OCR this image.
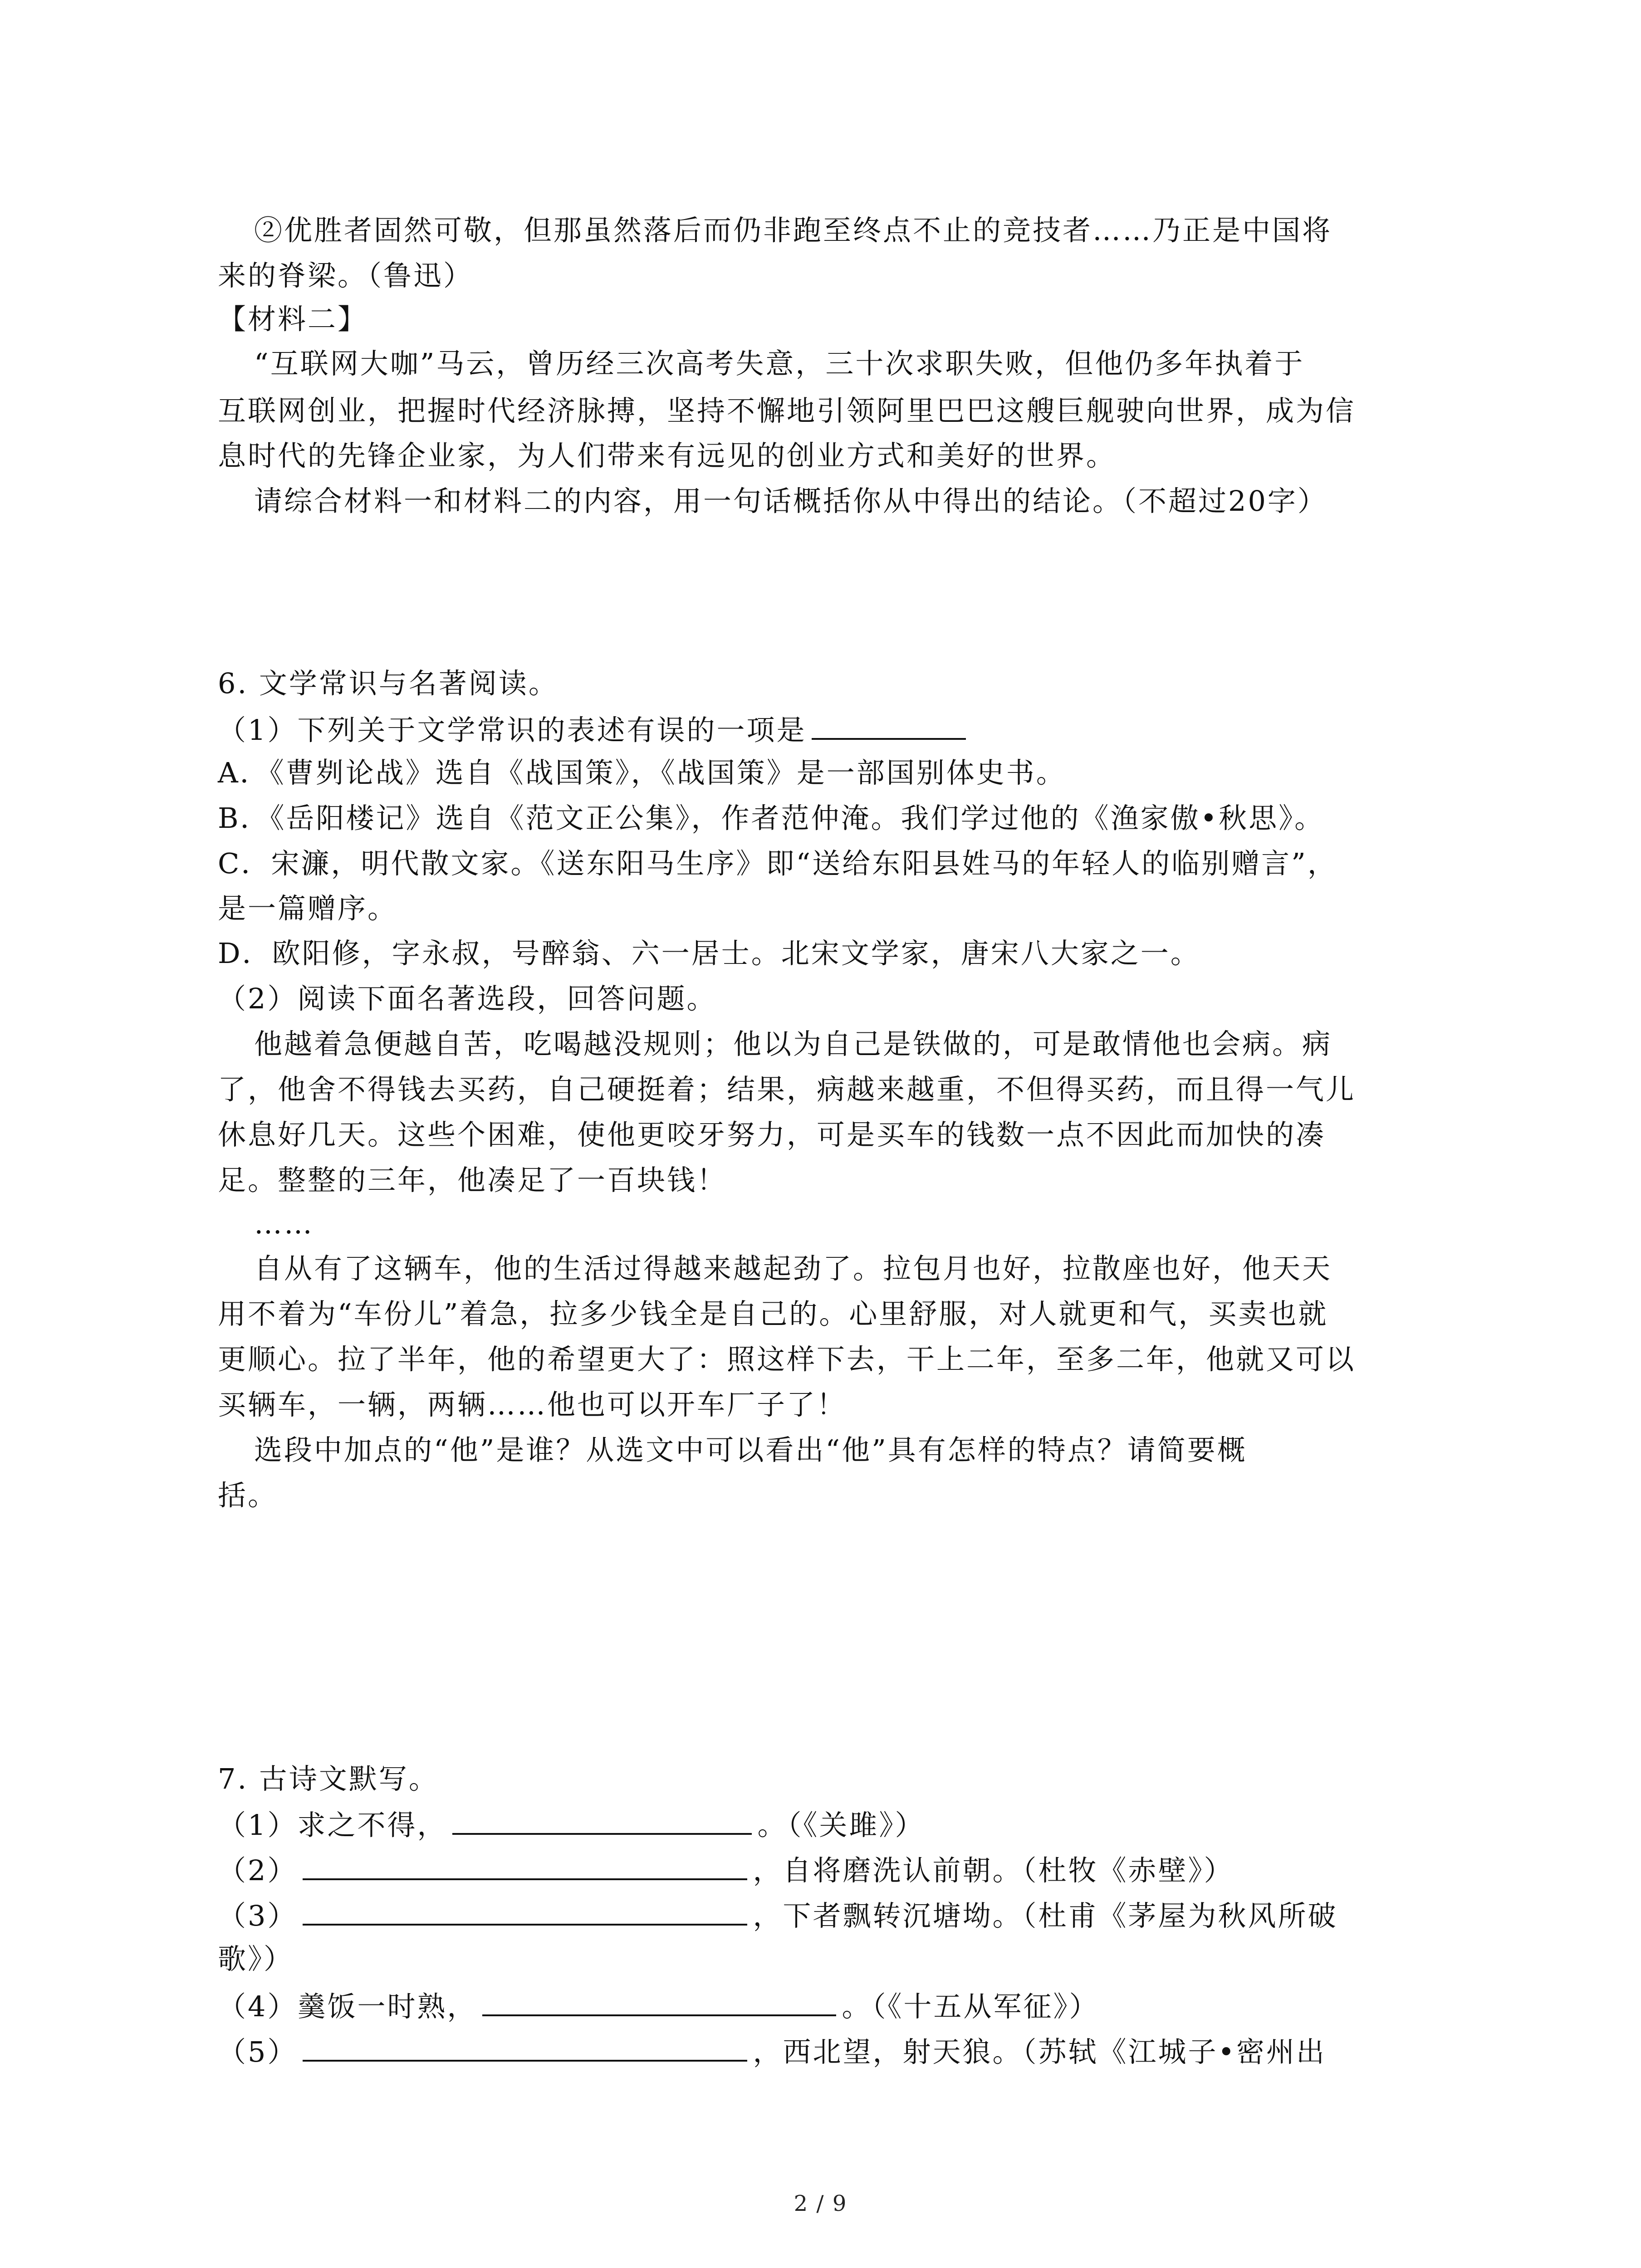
②优胜者固然可敬，但那虽然落后而仍非跑至终点不止的竞技者……乃正是中国将
来的脊梁。（鲁迅）
【材料二】
“互联网大咖”马云，曾历经三次高考失意，三十次求职失败，但他仍多年执着于
互联网创业，把握时代经济脉搏，坚持不懈地引领阿里巴巴这艘巨舰驶向世界，成为信
息时代的先锋企业家，为人们带来有远见的创业方式和美好的世界。
请综合材料一和材料二的内容，用一句话概括你从中得出的结论。（不超过20字）
6. 文学常识与名著阅读。
（1）下列关于文学常识的表述有误的一项是
A．《曹刿论战》选自《战国策》，《战国策》是一部国别体史书。
B．《岳阳楼记》选自《范文正公集》，作者范仲淹。我们学过他的《渔家傲•秋思》。
C．宋濂，明代散文家。《送东阳马生序》即“送给东阳县姓马的年轻人的临别赠言”，
是一篇赠序。
D．欧阳修，字永叔，号醉翁、六一居士。北宋文学家，唐宋八大家之一。
（2）阅读下面名著选段，回答问题。
他越着急便越自苦，吃喝越没规则；他以为自己是铁做的，可是敢情他也会病。病
了，他舍不得钱去买药，自己硬挺着；结果，病越来越重，不但得买药，而且得一气儿
休息好几天。这些个困难，使他更咬牙努力，可是买车的钱数一点不因此而加快的凑
足。整整的三年，他凑足了一百块钱！
……
自从有了这辆车，他的生活过得越来越起劲了。拉包月也好，拉散座也好，他天天
用不着为“车份儿”着急，拉多少钱全是自己的。心里舒服，对人就更和气，买卖也就
更顺心。拉了半年，他的希望更大了：照这样下去，干上二年，至多二年，他就又可以
买辆车，一辆，两辆……他也可以开车厂子了！
选段中加点的“他”是谁？从选文中可以看出“他”具有怎样的特点？请简要概
括。
7. 古诗文默写。
（1）求之不得，	。（《关雎》）
（2）	，自将磨洗认前朝。（杜牧《赤壁》）
（3）	，下者飘转沉塘坳。（杜甫《茅屋为秋风所破
歌》）
（4）羹饭一时熟，	。（《十五从军征》）
（5）	，西北望，射天狼。（苏轼《江城子•密州出
2 / 9
